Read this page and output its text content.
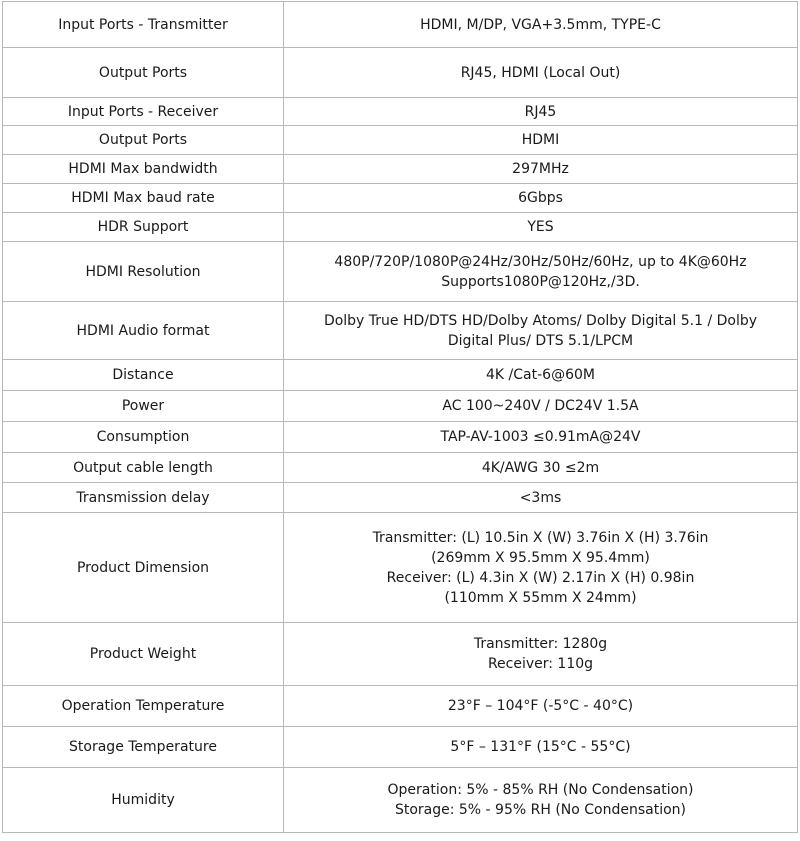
Input Ports - Transmitter	HDMI, M/DP, VGA+3.5mm, TYPE-C

Output Ports	RJ45, HDMI (Local Out)

Input Ports - Receiver	RJ45

Output Ports	HDMI

HDMI Max bandwidth	297MHz

HDMI Max baud rate	6Gbps

HDR Support	YES

HDMI Resolution	480P/720P/1080P@24Hz/30Hz/50Hz/60Hz, up to 4K@60Hz
Supports1080P@120Hz,/3D.

HDMI Audio format	Dolby True HD/DTS HD/Dolby Atoms/ Dolby Digital 5.1 / Dolby
Digital Plus/ DTS 5.1/LPCM

Distance	4K /Cat-6@60M

Power	AC 100~240V / DC24V 1.5A

Consumption	TAP-AV-1003 ≤0.91mA@24V

Output cable length	4K/AWG 30 ≤2m

Transmission delay	<3ms

Product Dimension	Transmitter: (L) 10.5in X (W) 3.76in X (H) 3.76in
(269mm X 95.5mm X 95.4mm)
Receiver: (L) 4.3in X (W) 2.17in X (H) 0.98in
(110mm X 55mm X 24mm)

Product Weight	Transmitter: 1280g
Receiver: 110g

Operation Temperature	23°F – 104°F (-5°C - 40°C)

Storage Temperature	5°F – 131°F (15°C - 55°C)

Humidity	Operation: 5% - 85% RH (No Condensation)
Storage: 5% - 95% RH (No Condensation)
